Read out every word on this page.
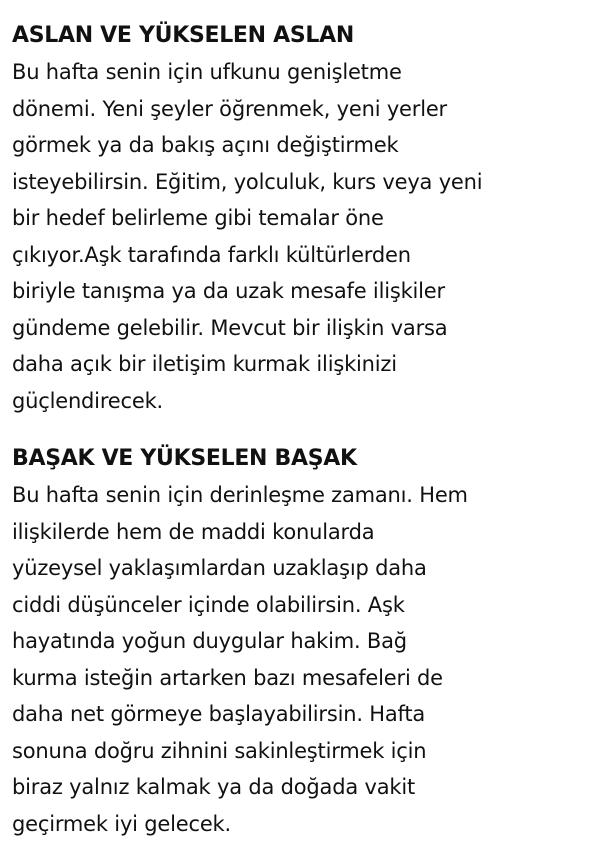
ASLAN VE YÜKSELEN ASLAN

Bu hafta senin için ufkunu genişletme

dönemi. Yeni şeyler öğrenmek, yeni yerler

görmek ya da bakış açını değiştirmek

isteyebilirsin. Eğitim, yolculuk, kurs veya yeni

bir hedef belirleme gibi temalar öne

çıkıyor.Aşk tarafında farklı kültürlerden

biriyle tanışma ya da uzak mesafe ilişkiler

gündeme gelebilir. Mevcut bir ilişkin varsa

daha açık bir iletişim kurmak ilişkinizi

güçlendirecek.

BAŞAK VE YÜKSELEN BAŞAK

Bu hafta senin için derinleşme zamanı. Hem

ilişkilerde hem de maddi konularda

yüzeysel yaklaşımlardan uzaklaşıp daha

ciddi düşünceler içinde olabilirsin. Aşk

hayatında yoğun duygular hakim. Bağ

kurma isteğin artarken bazı mesafeleri de

daha net görmeye başlayabilirsin. Hafta

sonuna doğru zihnini sakinleştirmek için

biraz yalnız kalmak ya da doğada vakit

geçirmek iyi gelecek.
